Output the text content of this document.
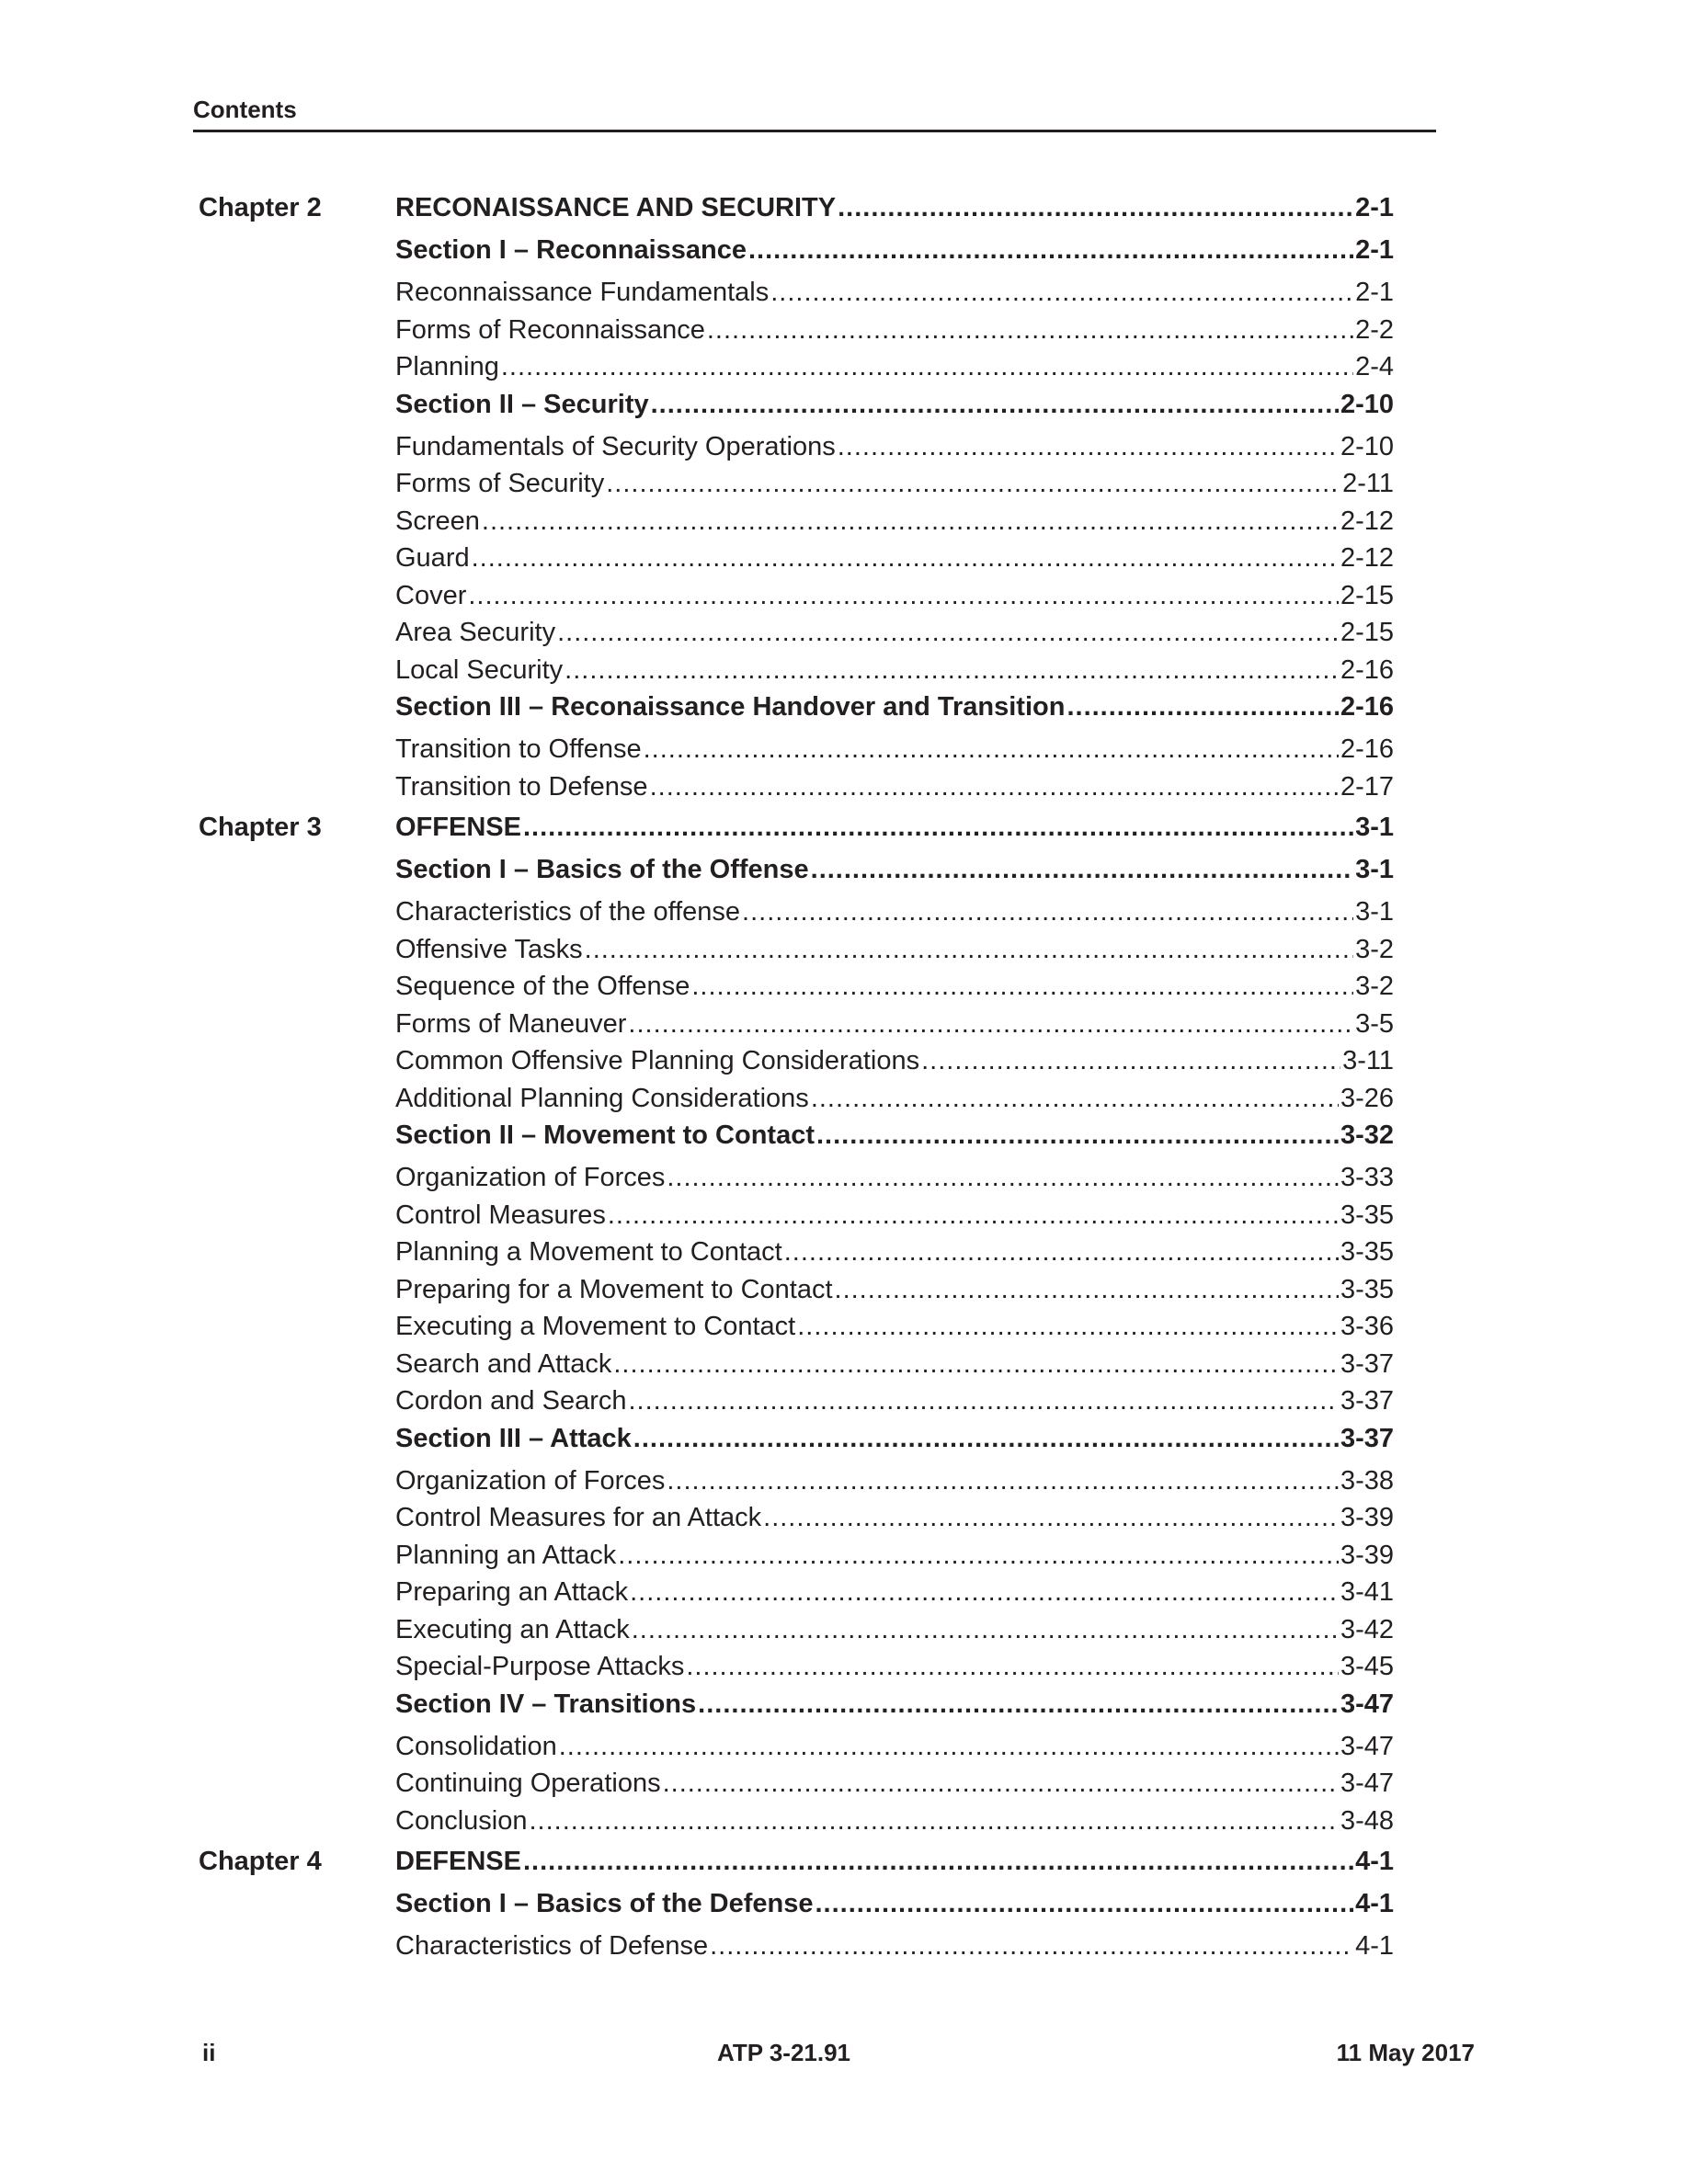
Contents
Chapter 2	RECONAISSANCE AND SECURITY .....	2-1
Section I – Reconnaissance .....	2-1
Reconnaissance Fundamentals .....	2-1
Forms of Reconnaissance .....	2-2
Planning .....	2-4
Section II – Security .....	2-10
Fundamentals of Security Operations .....	2-10
Forms of Security .....	2-11
Screen .....	2-12
Guard .....	2-12
Cover .....	2-15
Area Security .....	2-15
Local Security .....	2-16
Section III – Reconaissance Handover and Transition .....	2-16
Transition to Offense .....	2-16
Transition to Defense .....	2-17
Chapter 3	OFFENSE .....	3-1
Section I – Basics of the Offense .....	3-1
Characteristics of the offense .....	3-1
Offensive Tasks .....	3-2
Sequence of the Offense .....	3-2
Forms of Maneuver .....	3-5
Common Offensive Planning Considerations .....	3-11
Additional Planning Considerations .....	3-26
Section II – Movement to Contact .....	3-32
Organization of Forces .....	3-33
Control Measures .....	3-35
Planning a Movement to Contact .....	3-35
Preparing for a Movement to Contact .....	3-35
Executing a Movement to Contact .....	3-36
Search and Attack .....	3-37
Cordon and Search .....	3-37
Section III – Attack .....	3-37
Organization of Forces .....	3-38
Control Measures for an Attack .....	3-39
Planning an Attack .....	3-39
Preparing an Attack .....	3-41
Executing an Attack .....	3-42
Special-Purpose Attacks .....	3-45
Section IV – Transitions .....	3-47
Consolidation .....	3-47
Continuing Operations .....	3-47
Conclusion .....	3-48
Chapter 4	DEFENSE .....	4-1
Section I – Basics of the Defense .....	4-1
Characteristics of Defense .....	4-1
ii	ATP 3-21.91	11 May 2017
